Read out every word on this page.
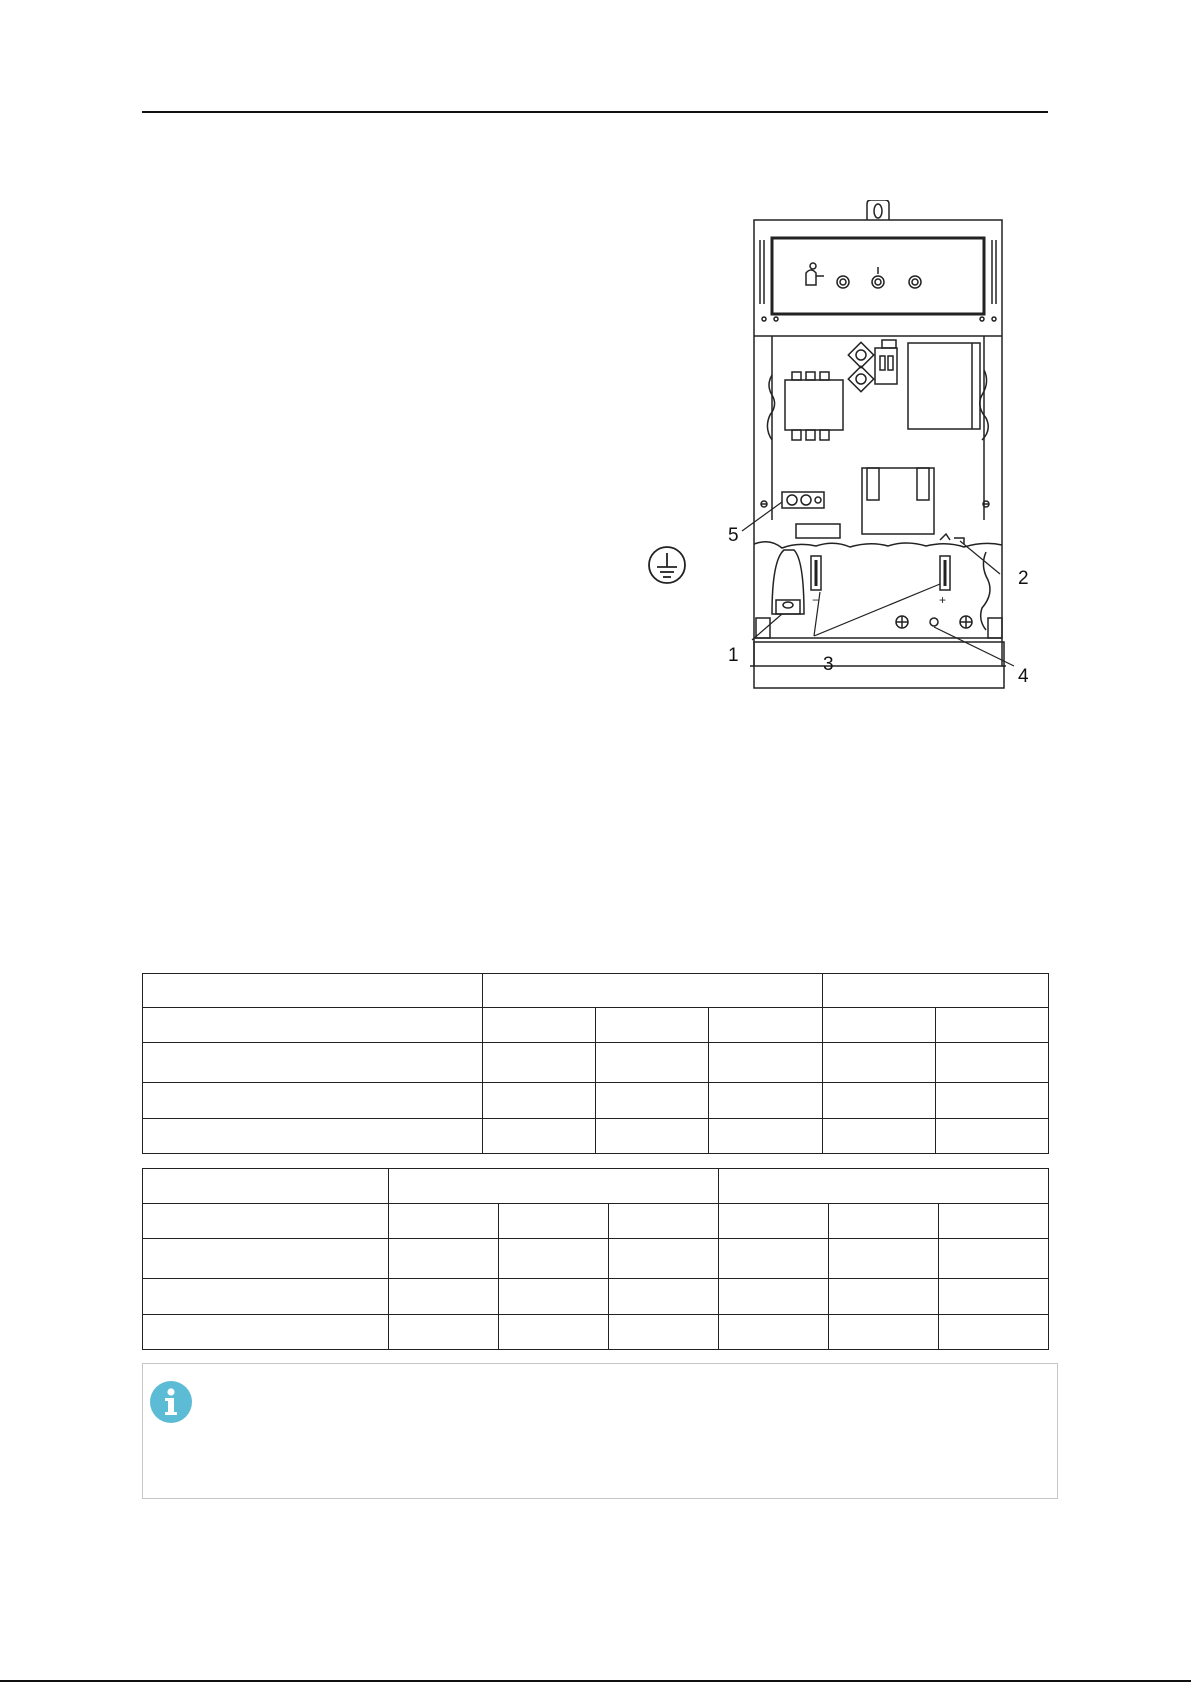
−	+
5
2
1	3
4
